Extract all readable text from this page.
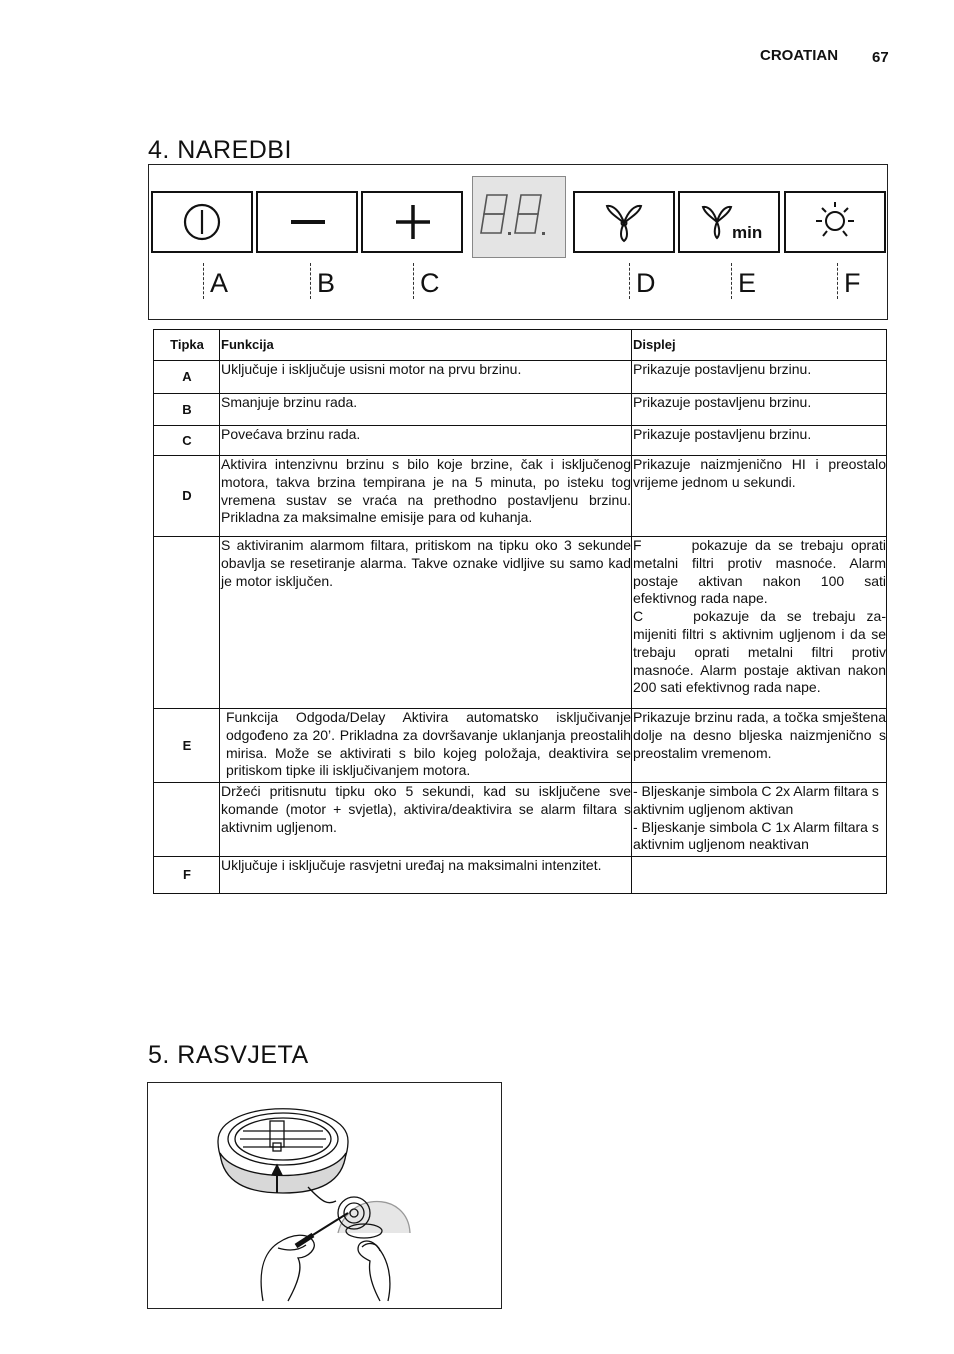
CROATIAN 67
4. NAREDBI
min
A	B	C	D	E	F
Tipka	Funkcija	Displej
A	Uključuje i isključuje usisni motor na prvu brzinu.	Prikazuje postavljenu brzinu.
B	Smanjuje brzinu rada.	Prikazuje postavljenu brzinu.
C	Povećava brzinu rada.	Prikazuje postavljenu brzinu.
D	Aktivira intenzivnu brzinu s bilo koje brzine, čak i isključenog motora, takva brzina tempirana je na 5 minuta, po isteku tog vremena sustav se vraća na prethodno postavljenu brzinu. Prikladna za maksimalne emisije para od kuhanja.	Prikazuje naizmjenično HI i preostalo vrijeme jednom u sekundi.
	S aktiviranim alarmom filtara, pritiskom na tipku oko 3 sekunde obavlja se resetiranje alarma. Takve oznake vidljive su samo kad je motor isključen.	F pokazuje da se trebaju oprati metalni filtri protiv masnoće. Alarm postaje aktivan nakon 100 sati efektivnog rada nape.
C pokazuje da se trebaju za-mijeniti filtri s aktivnim ugljenom i da se trebaju oprati metalni filtri protiv masnoće. Alarm postaje aktivan nakon 200 sati efektivnog rada nape.
E	Funkcija Odgoda/Delay Aktivira automatsko isključivanje odgođeno za 20’. Prikladna za dovršavanje uklanjanja preostalih mirisa. Može se aktivirati s bilo kojeg položaja, deaktivira se pritiskom tipke ili isključivanjem motora.	Prikazuje brzinu rada, a točka smještena dolje na desno bljeska naizmjenično s preostalim vremenom.
	Držeći pritisnutu tipku oko 5 sekundi, kad su isključene sve komande (motor + svjetla), aktivira/deaktivira se alarm filtara s aktivnim ugljenom.	- Bljeskanje simbola C 2x Alarm filtara s aktivnim ugljenom aktivan
- Bljeskanje simbola C 1x Alarm filtara s aktivnim ugljenom neaktivan
F	Uključuje i isključuje rasvjetni uređaj na maksimalni intenzitet.	
5. RASVJETA
